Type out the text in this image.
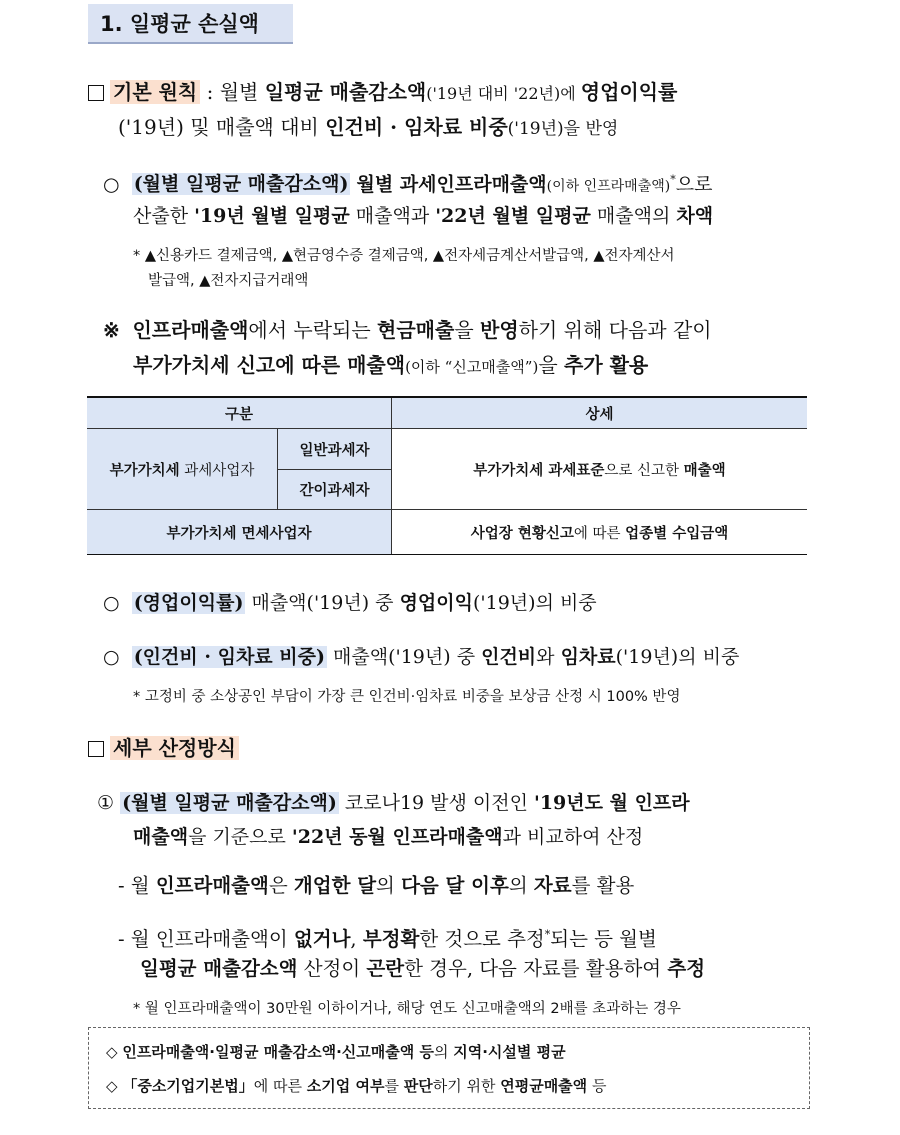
1. 일평균 손실액
기본 원칙 : 월별 일평균 매출감소액('19년 대비 '22년)에 영업이익률
('19년) 및 매출액 대비 인건비 · 임차료 비중('19년)을 반영
○ (월별 일평균 매출감소액) 월별 과세인프라매출액(이하 인프라매출액)*으로
산출한 '19년 월별 일평균 매출액과 '22년 월별 일평균 매출액의 차액
* ▲신용카드 결제금액, ▲현금영수증 결제금액, ▲전자세금계산서발급액, ▲전자계산서
발급액, ▲전자지급거래액
※ 인프라매출액에서 누락되는 현금매출을 반영하기 위해 다음과 같이
부가가치세 신고에 따른 매출액(이하 “신고매출액”)을 추가 활용
구분		상세
부가가치세 과세사업자	일반과세자	부가가치세 과세표준으로 신고한 매출액
	간이과세자	
부가가치세 면세사업자		사업장 현황신고에 따른 업종별 수입금액
○ (영업이익률) 매출액('19년) 중 영업이익('19년)의 비중
○ (인건비 · 임차료 비중) 매출액('19년) 중 인건비와 임차료('19년)의 비중
* 고정비 중 소상공인 부담이 가장 큰 인건비·임차료 비중을 보상금 산정 시 100% 반영
세부 산정방식
① (월별 일평균 매출감소액) 코로나19 발생 이전인 '19년도 월 인프라
매출액을 기준으로 '22년 동월 인프라매출액과 비교하여 산정
- 월 인프라매출액은 개업한 달의 다음 달 이후의 자료를 활용
- 월 인프라매출액이 없거나, 부정확한 것으로 추정*되는 등 월별
일평균 매출감소액 산정이 곤란한 경우, 다음 자료를 활용하여 추정
* 월 인프라매출액이 30만원 이하이거나, 해당 연도 신고매출액의 2배를 초과하는 경우
◇ 인프라매출액·일평균 매출감소액·신고매출액 등의 지역·시설별 평균
◇ 「중소기업기본법」에 따른 소기업 여부를 판단하기 위한 연평균매출액 등
